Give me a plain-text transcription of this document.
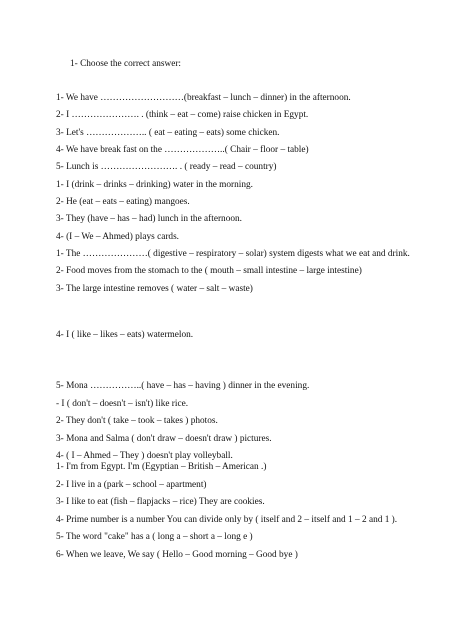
1- Choose the correct answer:
1- We have ………………………(breakfast – lunch – dinner) in the afternoon.
2- I …………………. . (think – eat – come) raise chicken in Egypt.
3- Let's ……………….. ( eat – eating – eats) some chicken.
4- We have break fast on the ………………..( Chair – floor – table)
5- Lunch is ……………………. . ( ready – read – country)
1- I (drink – drinks – drinking) water in the morning.
2- He (eat – eats – eating) mangoes.
3- They (have – has – had) lunch in the afternoon.
4- (I – We – Ahmed) plays cards.
1- The …………………( digestive – respiratory – solar) system digests what we eat and drink.
2- Food moves from the stomach to the ( mouth – small intestine – large intestine)
3- The large intestine removes ( water – salt – waste)
4- I ( like – likes – eats) watermelon.
5- Mona ……………..( have – has – having ) dinner in the evening.
- I ( don't – doesn't – isn't) like rice.
2- They don't ( take – took – takes ) photos.
3- Mona and Salma ( don't draw – doesn't draw ) pictures.
4- ( I – Ahmed – They ) doesn't play volleyball.
1- I'm from Egypt. I'm (Egyptian – British – American .)
2- I live in a (park – school – apartment)
3- I like to eat (fish – flapjacks – rice) They are cookies.
4- Prime number is a number You can divide only by ( itself and 2 – itself and 1 – 2 and 1 ).
5- The word "cake" has a ( long a – short a – long e )
6- When we leave, We say ( Hello – Good morning – Good bye )
